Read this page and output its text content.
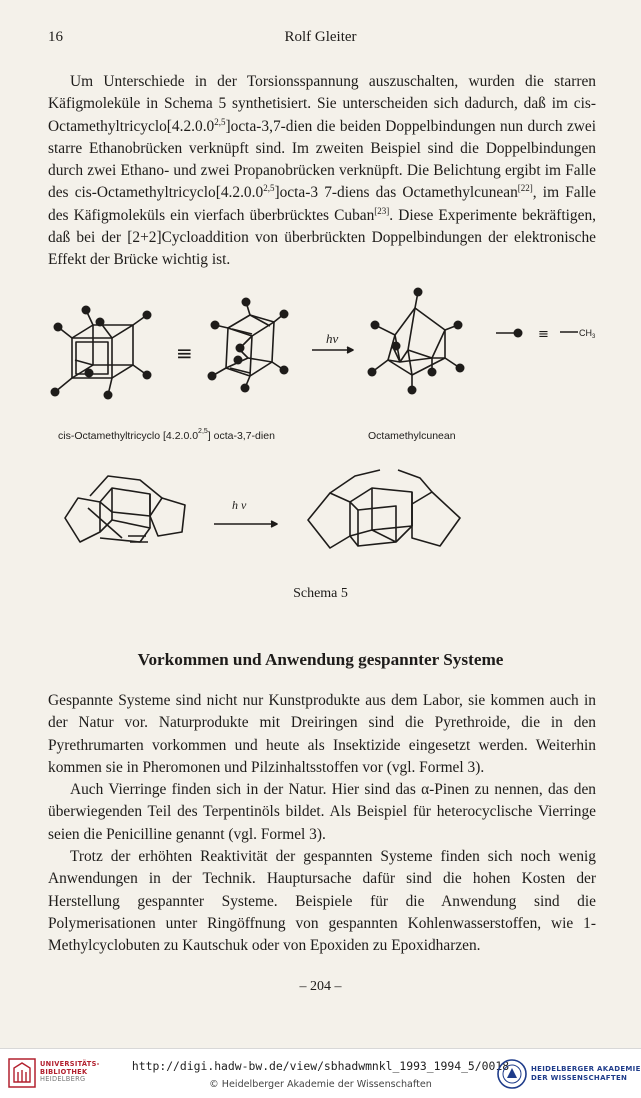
16	Rolf Gleiter

Um Unterschiede in der Torsionsspannung auszuschalten, wurden die starren Käfigmoleküle in Schema 5 synthetisiert. Sie unterscheiden sich dadurch, daß im cis-Octamethyltricyclo[4.2.0.0$^{2,5}$]octa-3,7-dien die beiden Doppelbindungen nun durch zwei starre Ethanobrücken verknüpft sind. Im zweiten Beispiel sind die Doppelbindungen durch zwei Ethano- und zwei Propanobrücken verknüpft. Die Belichtung ergibt im Falle des cis-Octamethyltricyclo[4.2.0.0$^{2,5}$]octa-3 7-diens das Octamethylcunean[22], im Falle des Käfigmoleküls ein vierfach überbrücktes Cuban[23]. Diese Experimente bekräftigen, daß bei der [2+2]Cycloaddition von überbrückten Doppelbindungen der elektronische Effekt der Brücke wichtig ist.

≡
hν	≡	$CH_3$
h ν
cis-Octamethyltricyclo [4.2.0.0$^{2,5}$] octa-3,7-dien	Octamethylcunean
Schema 5
Vorkommen und Anwendung gespannter Systeme

Gespannte Systeme sind nicht nur Kunstprodukte aus dem Labor, sie kommen auch in der Natur vor. Naturprodukte mit Dreiringen sind die Pyrethroide, die in den Pyrethrumarten vorkommen und heute als Insektizide eingesetzt werden. Weiterhin kommen sie in Pheromonen und Pilzinhaltsstoffen vor (vgl. Formel 3).

Auch Vierringe finden sich in der Natur. Hier sind das α-Pinen zu nennen, das den überwiegenden Teil des Terpentinöls bildet. Als Beispiel für heterocyclische Vierringe seien die Penicilline genannt (vgl. Formel 3).

Trotz der erhöhten Reaktivität der gespannten Systeme finden sich noch wenig Anwendungen in der Technik. Hauptursache dafür sind die hohen Kosten der Herstellung gespannter Systeme. Beispiele für die Anwendung sind die Polymerisationen unter Ringöffnung von gespannten Kohlenwasserstoffen, wie 1-Methylcyclobuten zu Kautschuk oder von Epoxiden zu Epoxidharzen.

– 204 –
UNIVERSITÄTS-
BIBLIOTHEK
HEIDELBERG
http://digi.hadw-bw.de/view/sbhadwmnkl_1993_1994_5/0018
© Heidelberger Akademie der Wissenschaften
HEIDELBERGER AKADEMIE
DER WISSENSCHAFTEN
